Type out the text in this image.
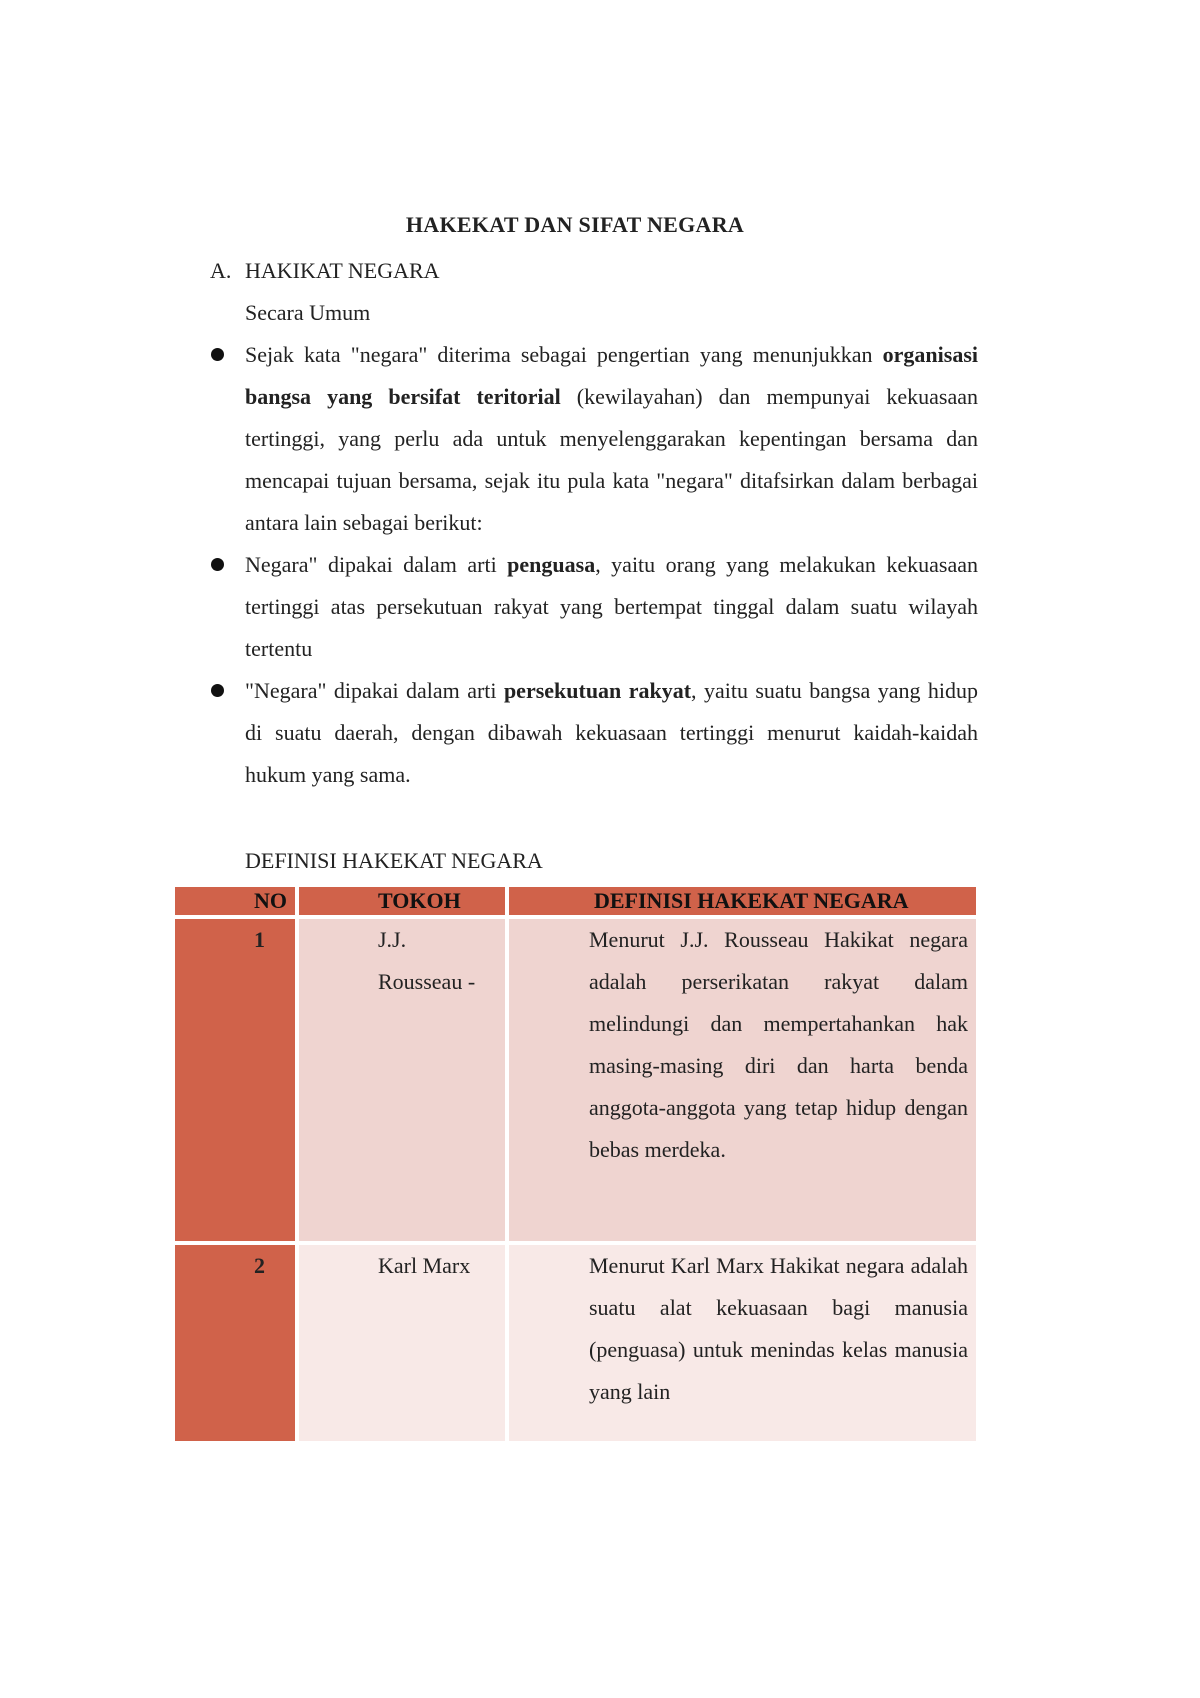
HAKEKAT DAN SIFAT NEGARA
A. HAKIKAT NEGARA
Secara Umum
Sejak kata "negara" diterima sebagai pengertian yang menunjukkan organisasi bangsa yang bersifat teritorial (kewilayahan) dan mempunyai kekuasaan tertinggi, yang perlu ada untuk menyelenggarakan kepentingan bersama dan mencapai tujuan bersama, sejak itu pula kata "negara" ditafsirkan dalam berbagai antara lain sebagai berikut:
Negara" dipakai dalam arti penguasa, yaitu orang yang melakukan kekuasaan tertinggi atas persekutuan rakyat yang bertempat tinggal dalam suatu wilayah tertentu
"Negara" dipakai dalam arti persekutuan rakyat, yaitu suatu bangsa yang hidup di suatu daerah, dengan dibawah kekuasaan tertinggi menurut kaidah-kaidah hukum yang sama.
DEFINISI HAKEKAT NEGARA
NO	TOKOH	DEFINISI HAKEKAT NEGARA

1	J.J. Rousseau -	Menurut J.J. Rousseau Hakikat negara adalah perserikatan rakyat dalam melindungi dan mempertahankan hak masing-masing diri dan harta benda anggota-anggota yang tetap hidup dengan bebas merdeka.

2	Karl Marx	Menurut Karl Marx Hakikat negara adalah suatu alat kekuasaan bagi manusia (penguasa) untuk menindas kelas manusia yang lain
